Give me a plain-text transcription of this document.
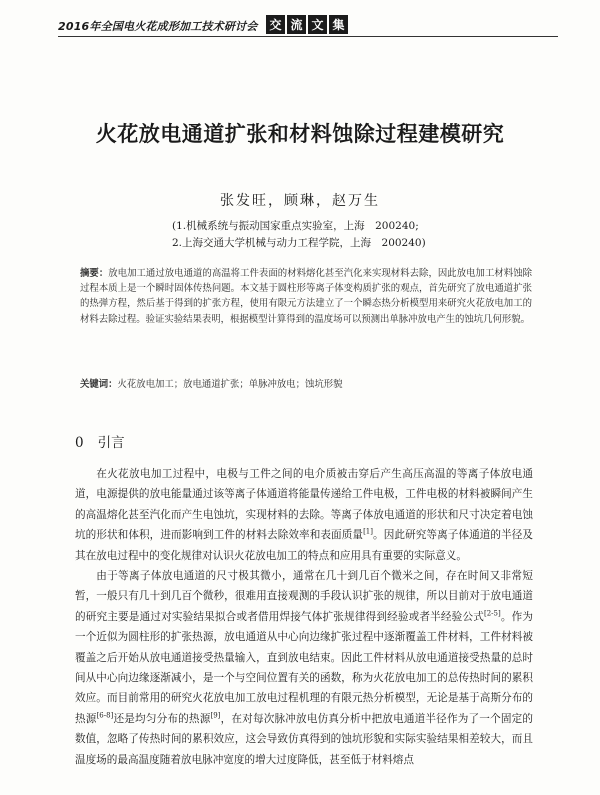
2016年全国电火花成形加工技术研讨会 交 流 文 集
火花放电通道扩张和材料蚀除过程建模研究
张发旺，顾琳，赵万生
(1.机械系统与振动国家重点实验室，上海　200240;
2.上海交通大学机械与动力工程学院，上海　200240)
摘要：放电加工通过放电通道的高温将工件表面的材料熔化甚至汽化来实现材料去除，因此放电加工材料蚀除过程本质上是一个瞬时固体传热问题。本文基于圆柱形等离子体变构质扩张的观点，首先研究了放电通道扩张的热弹方程，然后基于得到的扩张方程，使用有限元方法建立了一个瞬态热分析模型用来研究火花放电加工的材料去除过程。验证实验结果表明，根据模型计算得到的温度场可以预测出单脉冲放电产生的蚀坑几何形貌。
关键词：火花放电加工；放电通道扩张；单脉冲放电；蚀坑形貌
0 引言

在火花放电加工过程中，电极与工件之间的电介质被击穿后产生高压高温的等离子体放电通道，电源提供的放电能量通过该等离子体通道将能量传递给工件电极，工件电极的材料被瞬间产生的高温熔化甚至汽化而产生电蚀坑，实现材料的去除。等离子体放电通道的形状和尺寸决定着电蚀坑的形状和体积，进而影响到工件的材料去除效率和表面质量[1]。因此研究等离子体通道的半径及其在放电过程中的变化规律对认识火花放电加工的特点和应用具有重要的实际意义。

由于等离子体放电通道的尺寸极其微小，通常在几十到几百个微米之间，存在时间又非常短暂，一般只有几十到几百个微秒，很难用直接观测的手段认识扩张的规律，所以目前对于放电通道的研究主要是通过对实验结果拟合或者借用焊接气体扩张规律得到经验或者半经验公式[2-5]。作为一个近似为圆柱形的扩张热源，放电通道从中心向边缘扩张过程中逐渐覆盖工件材料，工件材料被覆盖之后开始从放电通道接受热量输入，直到放电结束。因此工件材料从放电通道接受热量的总时间从中心向边缘逐渐减小，是一个与空间位置有关的函数，称为火花放电加工的总传热时间的累积效应。而目前常用的研究火花放电加工放电过程机理的有限元热分析模型，无论是基于高斯分布的热源[6-8]还是均匀分布的热源[9]，在对每次脉冲放电仿真分析中把放电通道半径作为了一个固定的数值，忽略了传热时间的累积效应，这会导致仿真得到的蚀坑形貌和实际实验结果相差较大，而且温度场的最高温度随着放电脉冲宽度的增大过度降低，甚至低于材料熔点
